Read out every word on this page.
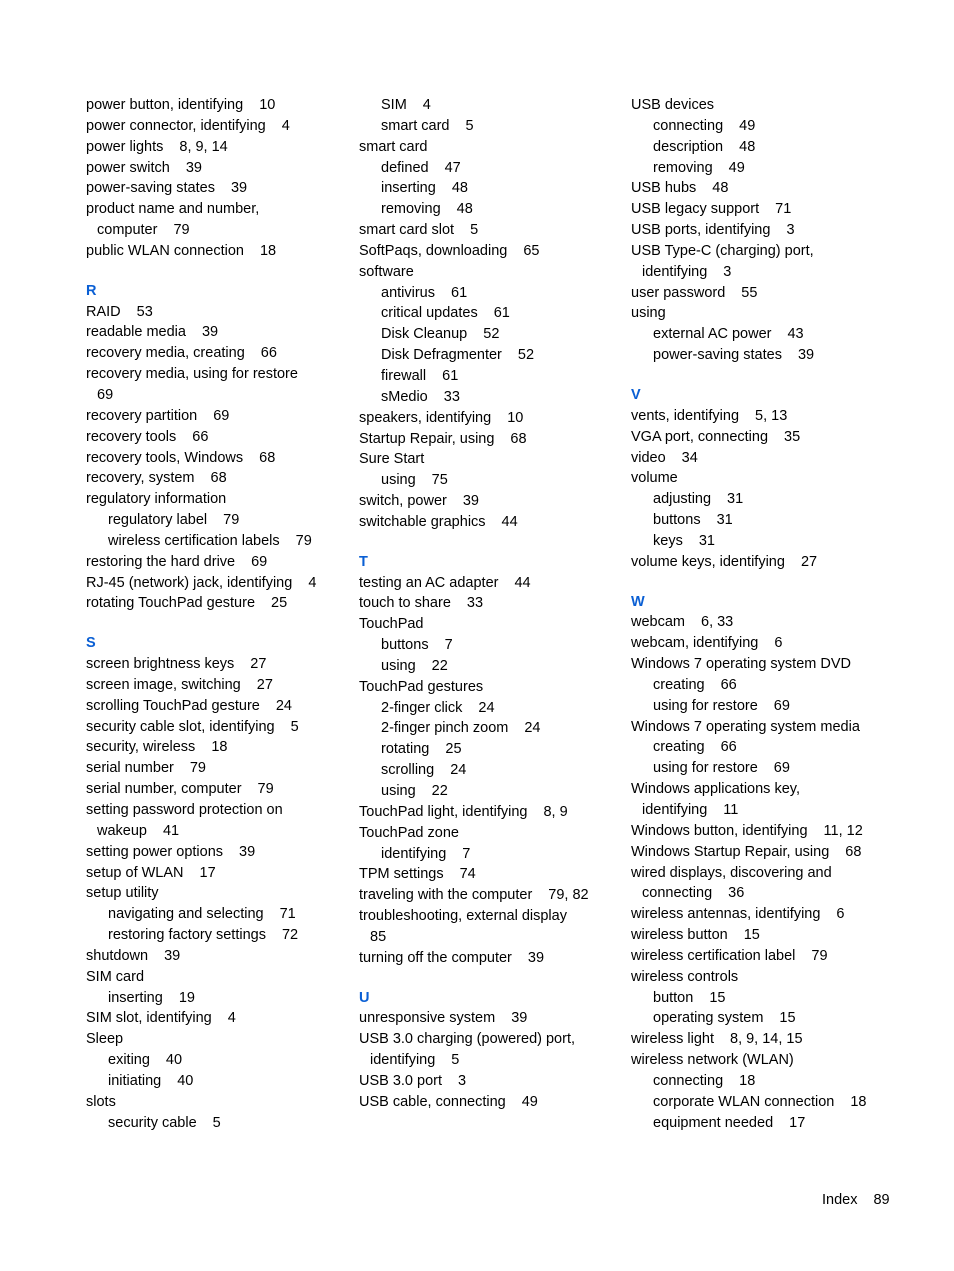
power button, identifying 10
power connector, identifying 4
power lights 8, 9, 14
power switch 39
power-saving states 39
product name and number,
computer 79
public WLAN connection 18
R
RAID 53
readable media 39
recovery media, creating 66
recovery media, using for restore
69
recovery partition 69
recovery tools 66
recovery tools, Windows 68
recovery, system 68
regulatory information
regulatory label 79
wireless certification labels 79
restoring the hard drive 69
RJ-45 (network) jack, identifying 4
rotating TouchPad gesture 25
S
screen brightness keys 27
screen image, switching 27
scrolling TouchPad gesture 24
security cable slot, identifying 5
security, wireless 18
serial number 79
serial number, computer 79
setting password protection on
wakeup 41
setting power options 39
setup of WLAN 17
setup utility
navigating and selecting 71
restoring factory settings 72
shutdown 39
SIM card
inserting 19
SIM slot, identifying 4
Sleep
exiting 40
initiating 40
slots
security cable 5
SIM 4
smart card 5
smart card
defined 47
inserting 48
removing 48
smart card slot 5
SoftPaqs, downloading 65
software
antivirus 61
critical updates 61
Disk Cleanup 52
Disk Defragmenter 52
firewall 61
sMedio 33
speakers, identifying 10
Startup Repair, using 68
Sure Start
using 75
switch, power 39
switchable graphics 44
T
testing an AC adapter 44
touch to share 33
TouchPad
buttons 7
using 22
TouchPad gestures
2-finger click 24
2-finger pinch zoom 24
rotating 25
scrolling 24
using 22
TouchPad light, identifying 8, 9
TouchPad zone
identifying 7
TPM settings 74
traveling with the computer 79, 82
troubleshooting, external display
85
turning off the computer 39
U
unresponsive system 39
USB 3.0 charging (powered) port,
identifying 5
USB 3.0 port 3
USB cable, connecting 49
USB devices
connecting 49
description 48
removing 49
USB hubs 48
USB legacy support 71
USB ports, identifying 3
USB Type-C (charging) port,
identifying 3
user password 55
using
external AC power 43
power-saving states 39
V
vents, identifying 5, 13
VGA port, connecting 35
video 34
volume
adjusting 31
buttons 31
keys 31
volume keys, identifying 27
W
webcam 6, 33
webcam, identifying 6
Windows 7 operating system DVD
creating 66
using for restore 69
Windows 7 operating system media
creating 66
using for restore 69
Windows applications key,
identifying 11
Windows button, identifying 11, 12
Windows Startup Repair, using 68
wired displays, discovering and
connecting 36
wireless antennas, identifying 6
wireless button 15
wireless certification label 79
wireless controls
button 15
operating system 15
wireless light 8, 9, 14, 15
wireless network (WLAN)
connecting 18
corporate WLAN connection 18
equipment needed 17
Index 89
